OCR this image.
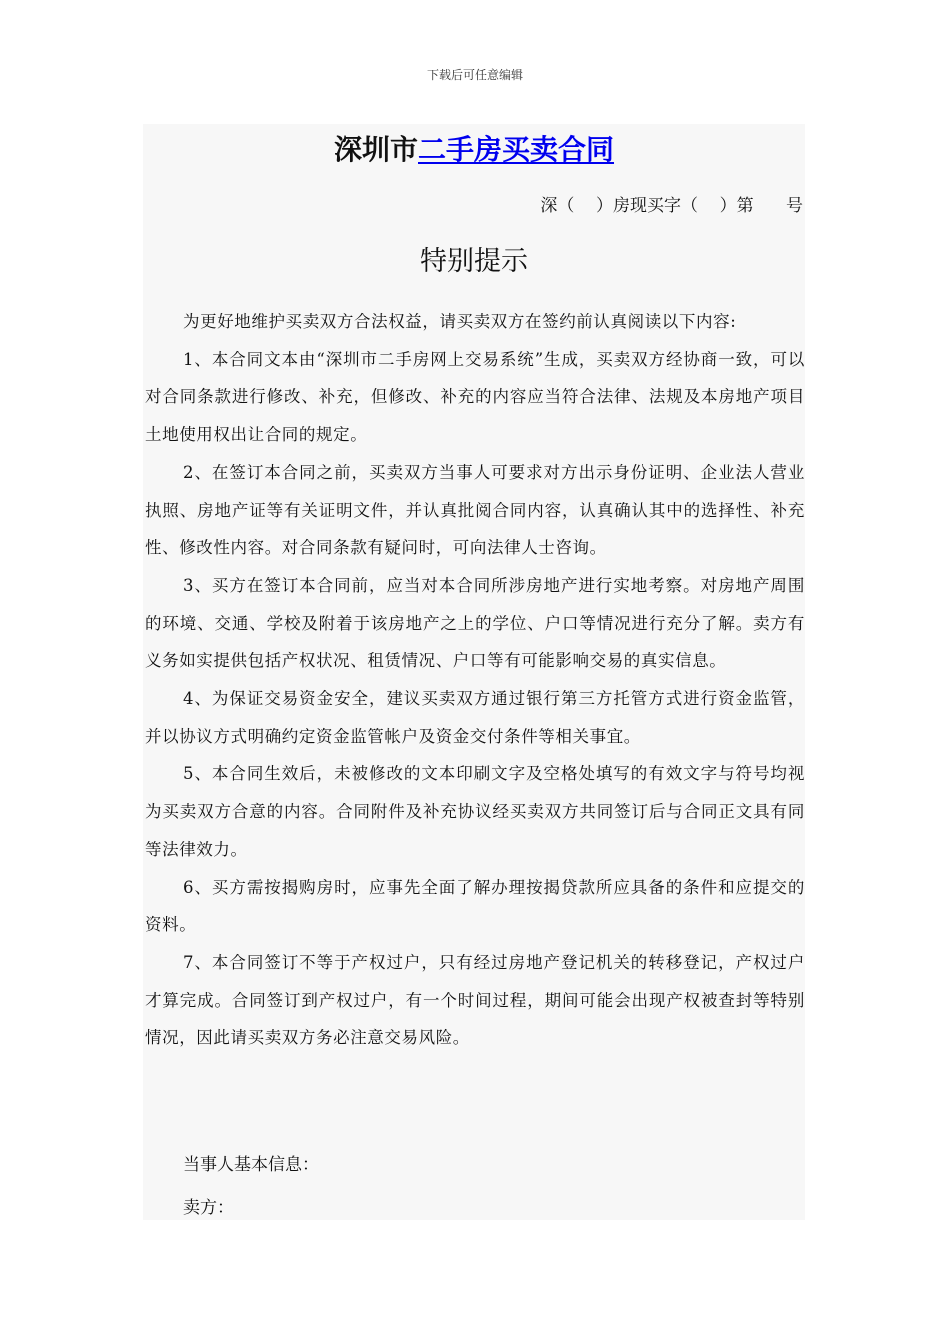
下载后可任意编辑
深圳市二手房买卖合同
深（    ）房现买字（    ）第      号
特别提示

为更好地维护买卖双方合法权益，请买卖双方在签约前认真阅读以下内容:

1、本合同文本由“深圳市二手房网上交易系统”生成，买卖双方经协商一致，可以对合同条款进行修改、补充，但修改、补充的内容应当符合法律、法规及本房地产项目土地使用权出让合同的规定。

2、在签订本合同之前，买卖双方当事人可要求对方出示身份证明、企业法人营业执照、房地产证等有关证明文件，并认真批阅合同内容，认真确认其中的选择性、补充性、修改性内容。对合同条款有疑问时，可向法律人士咨询。

3、买方在签订本合同前，应当对本合同所涉房地产进行实地考察。对房地产周围的环境、交通、学校及附着于该房地产之上的学位、户口等情况进行充分了解。卖方有义务如实提供包括产权状况、租赁情况、户口等有可能影响交易的真实信息。

4、为保证交易资金安全，建议买卖双方通过银行第三方托管方式进行资金监管，并以协议方式明确约定资金监管帐户及资金交付条件等相关事宜。

5、本合同生效后，未被修改的文本印刷文字及空格处填写的有效文字与符号均视为买卖双方合意的内容。合同附件及补充协议经买卖双方共同签订后与合同正文具有同等法律效力。

6、买方需按揭购房时，应事先全面了解办理按揭贷款所应具备的条件和应提交的资料。

7、本合同签订不等于产权过户，只有经过房地产登记机关的转移登记，产权过户才算完成。合同签订到产权过户，有一个时间过程，期间可能会出现产权被查封等特别情况，因此请买卖双方务必注意交易风险。

当事人基本信息：
卖方：
